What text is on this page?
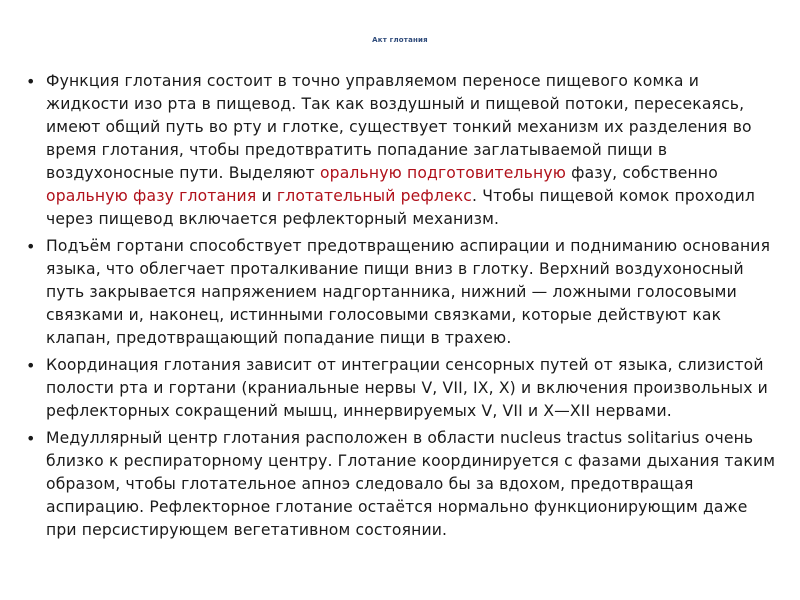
Акт глотания
• Функция глотания состоит в точно управляемом переносе пищевого комка и жидкости изо рта в пищевод. Так как воздушный и пищевой потоки, пересекаясь, имеют общий путь во рту и глотке, существует тонкий механизм их разделения во время глотания, чтобы предотвратить попадание заглатываемой пищи в воздухоносные пути. Выделяют оральную подготовительную фазу, собственно оральную фазу глотания и глотательный рефлекс. Чтобы пищевой комок проходил через пищевод включается рефлекторный механизм.
• Подъём гортани способствует предотвращению аспирации и подниманию основания языка, что облегчает проталкивание пищи вниз в глотку. Верхний воздухоносный путь закрывается напряжением надгортанника, нижний — ложными голосовыми связками и, наконец, истинными голосовыми связками, которые действуют как клапан, предотвращающий попадание пищи в трахею.
• Координация глотания зависит от интеграции сенсорных путей от языка, слизистой полости рта и гортани (краниальные нервы V, VII, IX, X) и включения произвольных и рефлекторных сокращений мышц, иннервируемых V, VII и X—XII нервами.
• Медуллярный центр глотания расположен в области nucleus tractus solitarius очень близко к респираторному центру. Глотание координируется с фазами дыхания таким образом, чтобы глотательное апноэ следовало бы за вдохом, предотвращая аспирацию. Рефлекторное глотание остаётся нормально функционирующим даже при персистирующем вегетативном состоянии.
